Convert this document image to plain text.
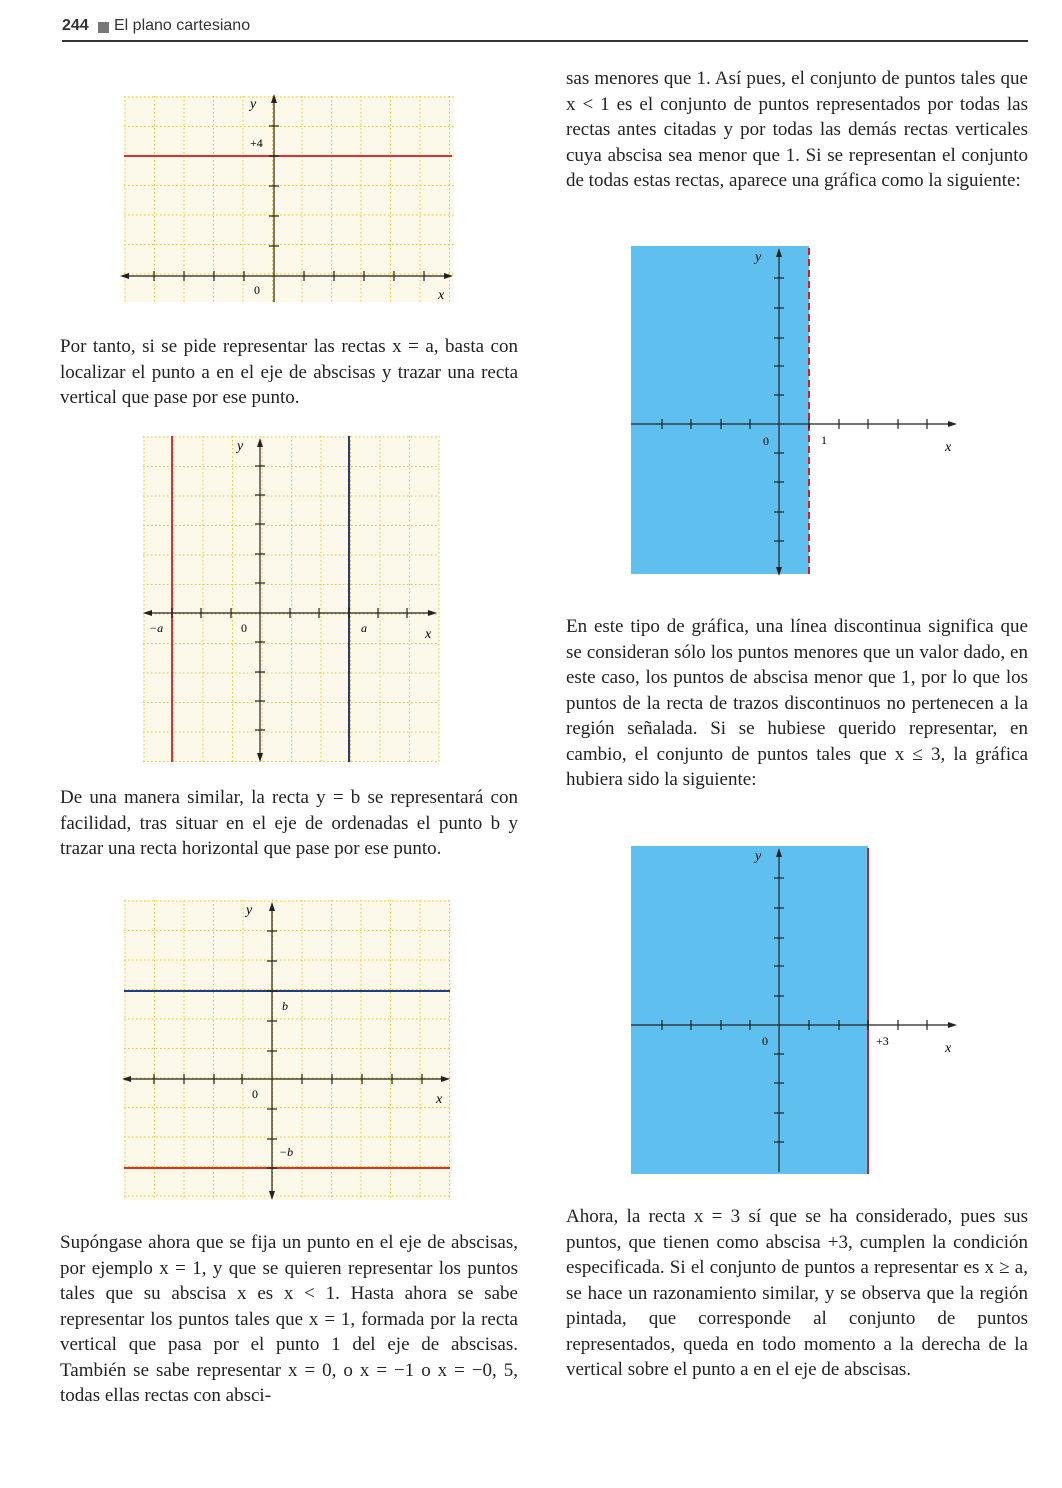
244 El plano cartesiano
y
x
0
+4

Por tanto, si se pide representar las rectas x = a, basta con localizar el punto a en el eje de abscisas y trazar una recta vertical que pase por ese punto.

y
x
0
−a	a

De una manera similar, la recta y = b se representará con facilidad, tras situar en el eje de ordenadas el punto b y trazar una recta horizontal que pase por ese punto.

y
x
0
b
−b

Supóngase ahora que se fija un punto en el eje de abscisas, por ejemplo x = 1, y que se quieren representar los puntos tales que su abscisa x es x < 1. Hasta ahora se sabe representar los puntos tales que x = 1, formada por la recta vertical que pasa por el punto 1 del eje de abscisas. También se sabe representar x = 0, o x = −1 o x = −0, 5, todas ellas rectas con absci-

sas menores que 1. Así pues, el conjunto de puntos tales que x < 1 es el conjunto de puntos representados por todas las rectas antes citadas y por todas las demás rectas verticales cuya abscisa sea menor que 1. Si se representan el conjunto de todas estas rectas, aparece una gráfica como la siguiente:

y
x
0	1

En este tipo de gráfica, una línea discontinua significa que se consideran sólo los puntos menores que un valor dado, en este caso, los puntos de abscisa menor que 1, por lo que los puntos de la recta de trazos discontinuos no pertenecen a la región señalada. Si se hubiese querido representar, en cambio, el conjunto de puntos tales que x ≤ 3, la gráfica hubiera sido la siguiente:

y
x
0	+3

Ahora, la recta x = 3 sí que se ha considerado, pues sus puntos, que tienen como abscisa +3, cumplen la condición especificada. Si el conjunto de puntos a representar es x ≥ a, se hace un razonamiento similar, y se observa que la región pintada, que corresponde al conjunto de puntos representados, queda en todo momento a la derecha de la vertical sobre el punto a en el eje de abscisas.
